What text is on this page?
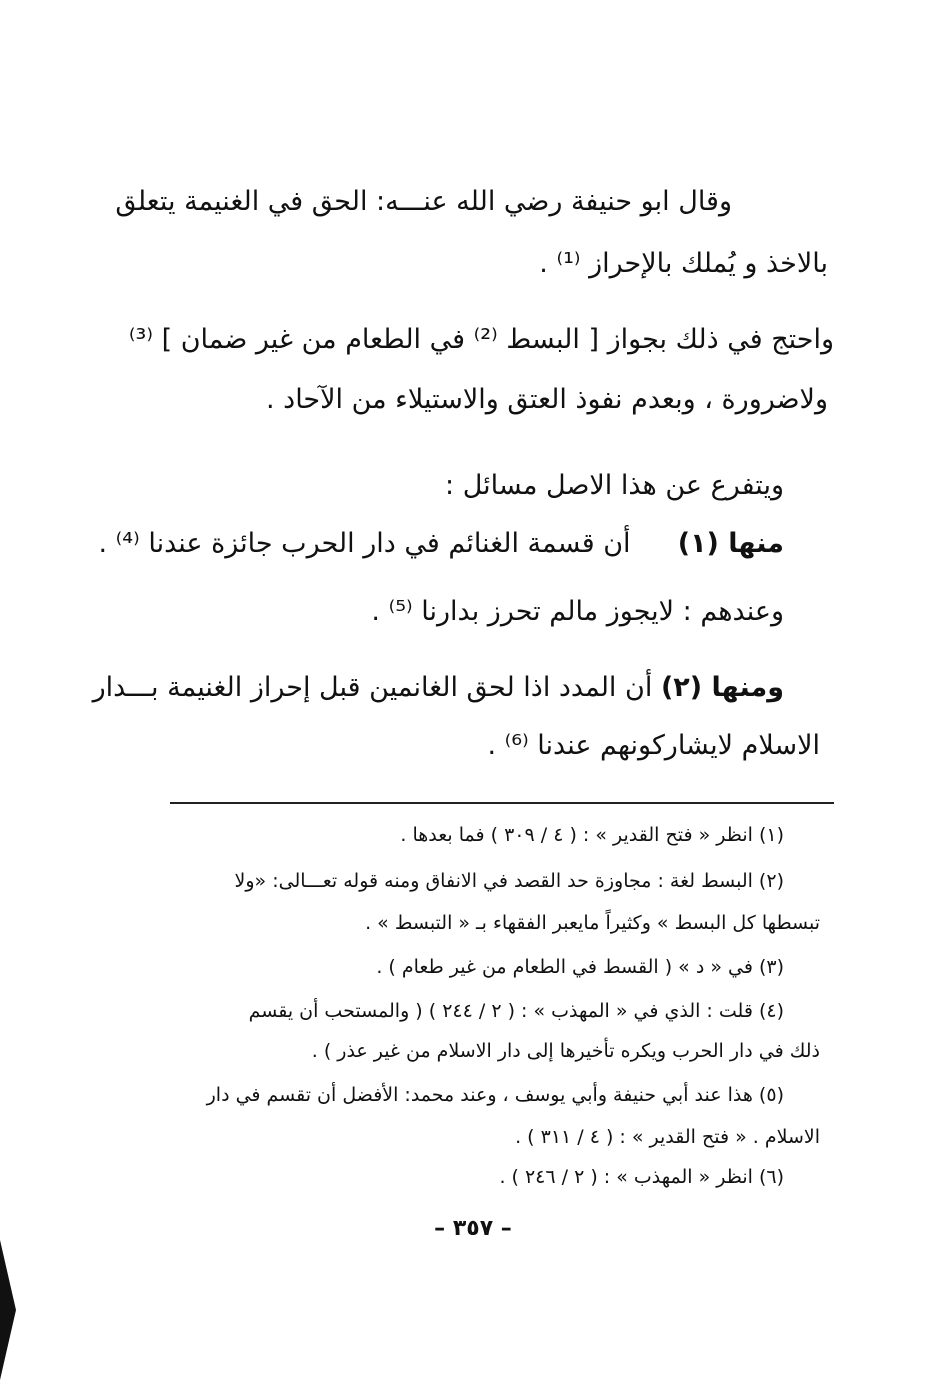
وقال ابو حنيفة رضي الله عنـــه: الحق في الغنيمة يتعلق
بالاخذ و يُملك بالإحراز ⁽¹⁾ .
واحتج في ذلك بجواز [ البسط ⁽²⁾ في الطعام من غير ضمان ] ⁽³⁾
ولاضرورة ، وبعدم نفوذ العتق والاستيلاء من الآحاد .
ويتفرع عن هذا الاصل مسائل :
منها (١)  أن قسمة الغنائم في دار الحرب جائزة عندنا ⁽⁴⁾ .
وعندهم : لايجوز مالم تحرز بدارنا ⁽⁵⁾ .
ومنها (٢) أن المدد اذا لحق الغانمين قبل إحراز الغنيمة بـــدار
الاسلام لايشاركونهم عندنا ⁽⁶⁾ .
(١) انظر « فتح القدير » : ( ٤ / ٣٠٩ ) فما بعدها .
(٢) البسط لغة : مجاوزة حد القصد في الانفاق ومنه قوله تعـــالى: «ولا
تبسطها كل البسط » وكثيراً مايعبر الفقهاء بـ « التبسط » .
(٣) في « د » ( القسط في الطعام من غير طعام ) .
(٤) قلت : الذي في « المهذب » : ( ٢ / ٢٤٤ ) ( والمستحب أن يقسم
ذلك في دار الحرب ويكره تأخيرها إلى دار الاسلام من غير عذر ) .
(٥) هذا عند أبي حنيفة وأبي يوسف ، وعند محمد: الأفضل أن تقسم في دار
الاسلام . « فتح القدير » : ( ٤ / ٣١١ ) .
(٦) انظر « المهذب » : ( ٢ / ٢٤٦ ) .
– ٣٥٧ –
